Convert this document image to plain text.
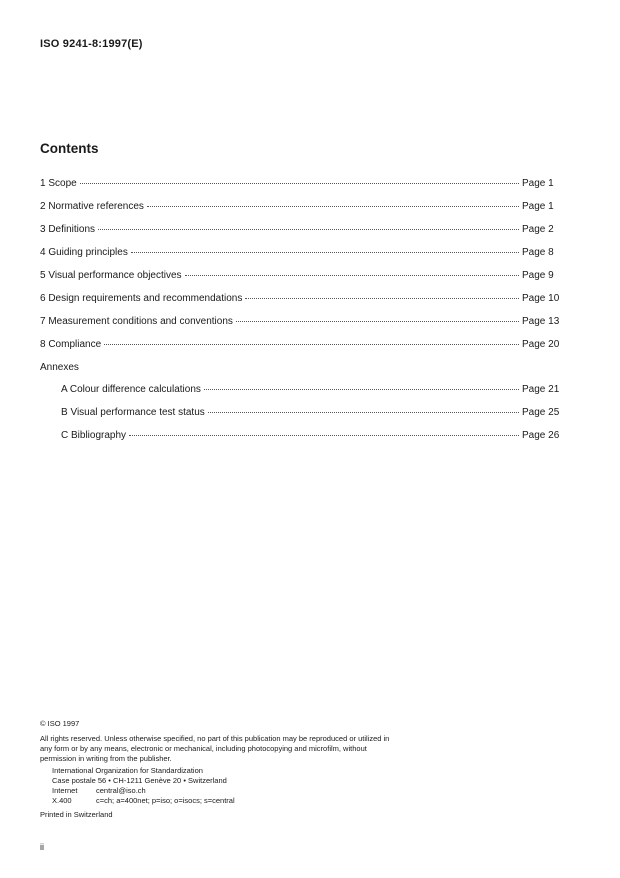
ISO 9241-8:1997(E)
Contents
1 Scope	Page 1
2 Normative references	Page 1
3 Definitions	Page 2
4 Guiding principles	Page 8
5 Visual performance objectives	Page 9
6 Design requirements and recommendations	Page 10
7 Measurement conditions and conventions	Page 13
8 Compliance	Page 20
Annexes
A Colour difference calculations	Page 21
B Visual performance test status	Page 25
C Bibliography	Page 26
© ISO 1997
All rights reserved. Unless otherwise specified, no part of this publication may be reproduced or utilized in any form or by any means, electronic or mechanical, including photocopying and microfilm, without permission in writing from the publisher.
International Organization for Standardization
Case postale 56 • CH-1211 Genève 20 • Switzerland
Internet	central@iso.ch
X.400	c=ch; a=400net; p=iso; o=isocs; s=central
Printed in Switzerland
ii
